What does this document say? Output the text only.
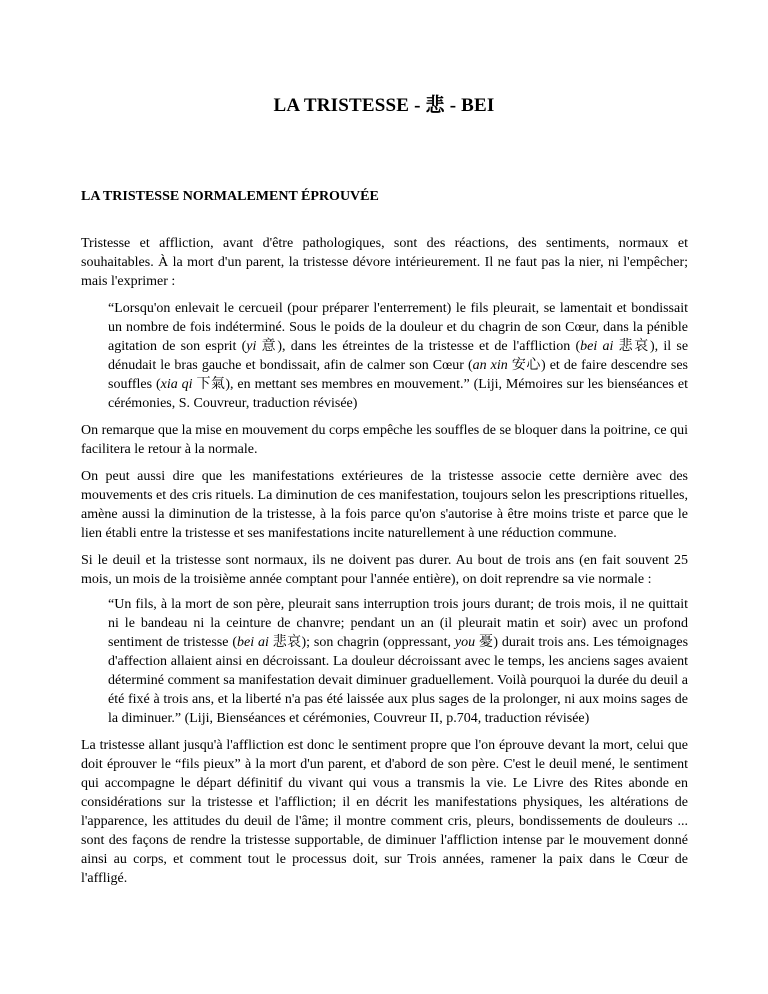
LA TRISTESSE - 悲 - BEI
LA TRISTESSE NORMALEMENT ÉPROUVÉE

Tristesse et affliction, avant d'être pathologiques, sont des réactions, des sentiments, normaux et souhaitables. À la mort d'un parent, la tristesse dévore intérieurement. Il ne faut pas la nier, ni l'empêcher; mais l'exprimer :

“Lorsqu'on enlevait le cercueil (pour préparer l'enterrement) le fils pleurait, se lamentait et bondissait un nombre de fois indéterminé. Sous le poids de la douleur et du chagrin de son Cœur, dans la pénible agitation de son esprit (yi 意), dans les étreintes de la tristesse et de l'affliction (bei ai 悲哀), il se dénudait le bras gauche et bondissait, afin de calmer son Cœur (an xin 安心) et de faire descendre ses souffles (xia qi 下氣), en mettant ses membres en mouvement.” (Liji, Mémoires sur les bienséances et cérémonies, S. Couvreur, traduction révisée)

On remarque que la mise en mouvement du corps empêche les souffles de se bloquer dans la poitrine, ce qui facilitera le retour à la normale.

On peut aussi dire que les manifestations extérieures de la tristesse associe cette dernière avec des mouvements et des cris rituels. La diminution de ces manifestation, toujours selon les prescriptions rituelles, amène aussi la diminution de la tristesse, à la fois parce qu'on s'autorise à être moins triste et parce que le lien établi entre la tristesse et ses manifestations incite naturellement à une réduction commune.

Si le deuil et la tristesse sont normaux, ils ne doivent pas durer. Au bout de trois ans (en fait souvent 25 mois, un mois de la troisième année comptant pour l'année entière), on doit reprendre sa vie normale :

“Un fils, à la mort de son père, pleurait sans interruption trois jours durant; de trois mois, il ne quittait ni le bandeau ni la ceinture de chanvre; pendant un an (il pleurait matin et soir) avec un profond sentiment de tristesse (bei ai 悲哀); son chagrin (oppressant, you 憂) durait trois ans. Les témoignages d'affection allaient ainsi en décroissant. La douleur décroissant avec le temps, les anciens sages avaient déterminé comment sa manifestation devait diminuer graduellement. Voilà pourquoi la durée du deuil a été fixé à trois ans, et la liberté n'a pas été laissée aux plus sages de la prolonger, ni aux moins sages de la diminuer.” (Liji, Bienséances et cérémonies, Couvreur II, p.704, traduction révisée)

La tristesse allant jusqu'à l'affliction est donc le sentiment propre que l'on éprouve devant la mort, celui que doit éprouver le “fils pieux” à la mort d'un parent, et d'abord de son père. C'est le deuil mené, le sentiment qui accompagne le départ définitif du vivant qui vous a transmis la vie. Le Livre des Rites abonde en considérations sur la tristesse et l'affliction; il en décrit les manifestations physiques, les altérations de l'apparence, les attitudes du deuil de l'âme; il montre comment cris, pleurs, bondissements de douleurs ... sont des façons de rendre la tristesse supportable, de diminuer l'affliction intense par le mouvement donné ainsi au corps, et comment tout le processus doit, sur Trois années, ramener la paix dans le Cœur de l'affligé.
